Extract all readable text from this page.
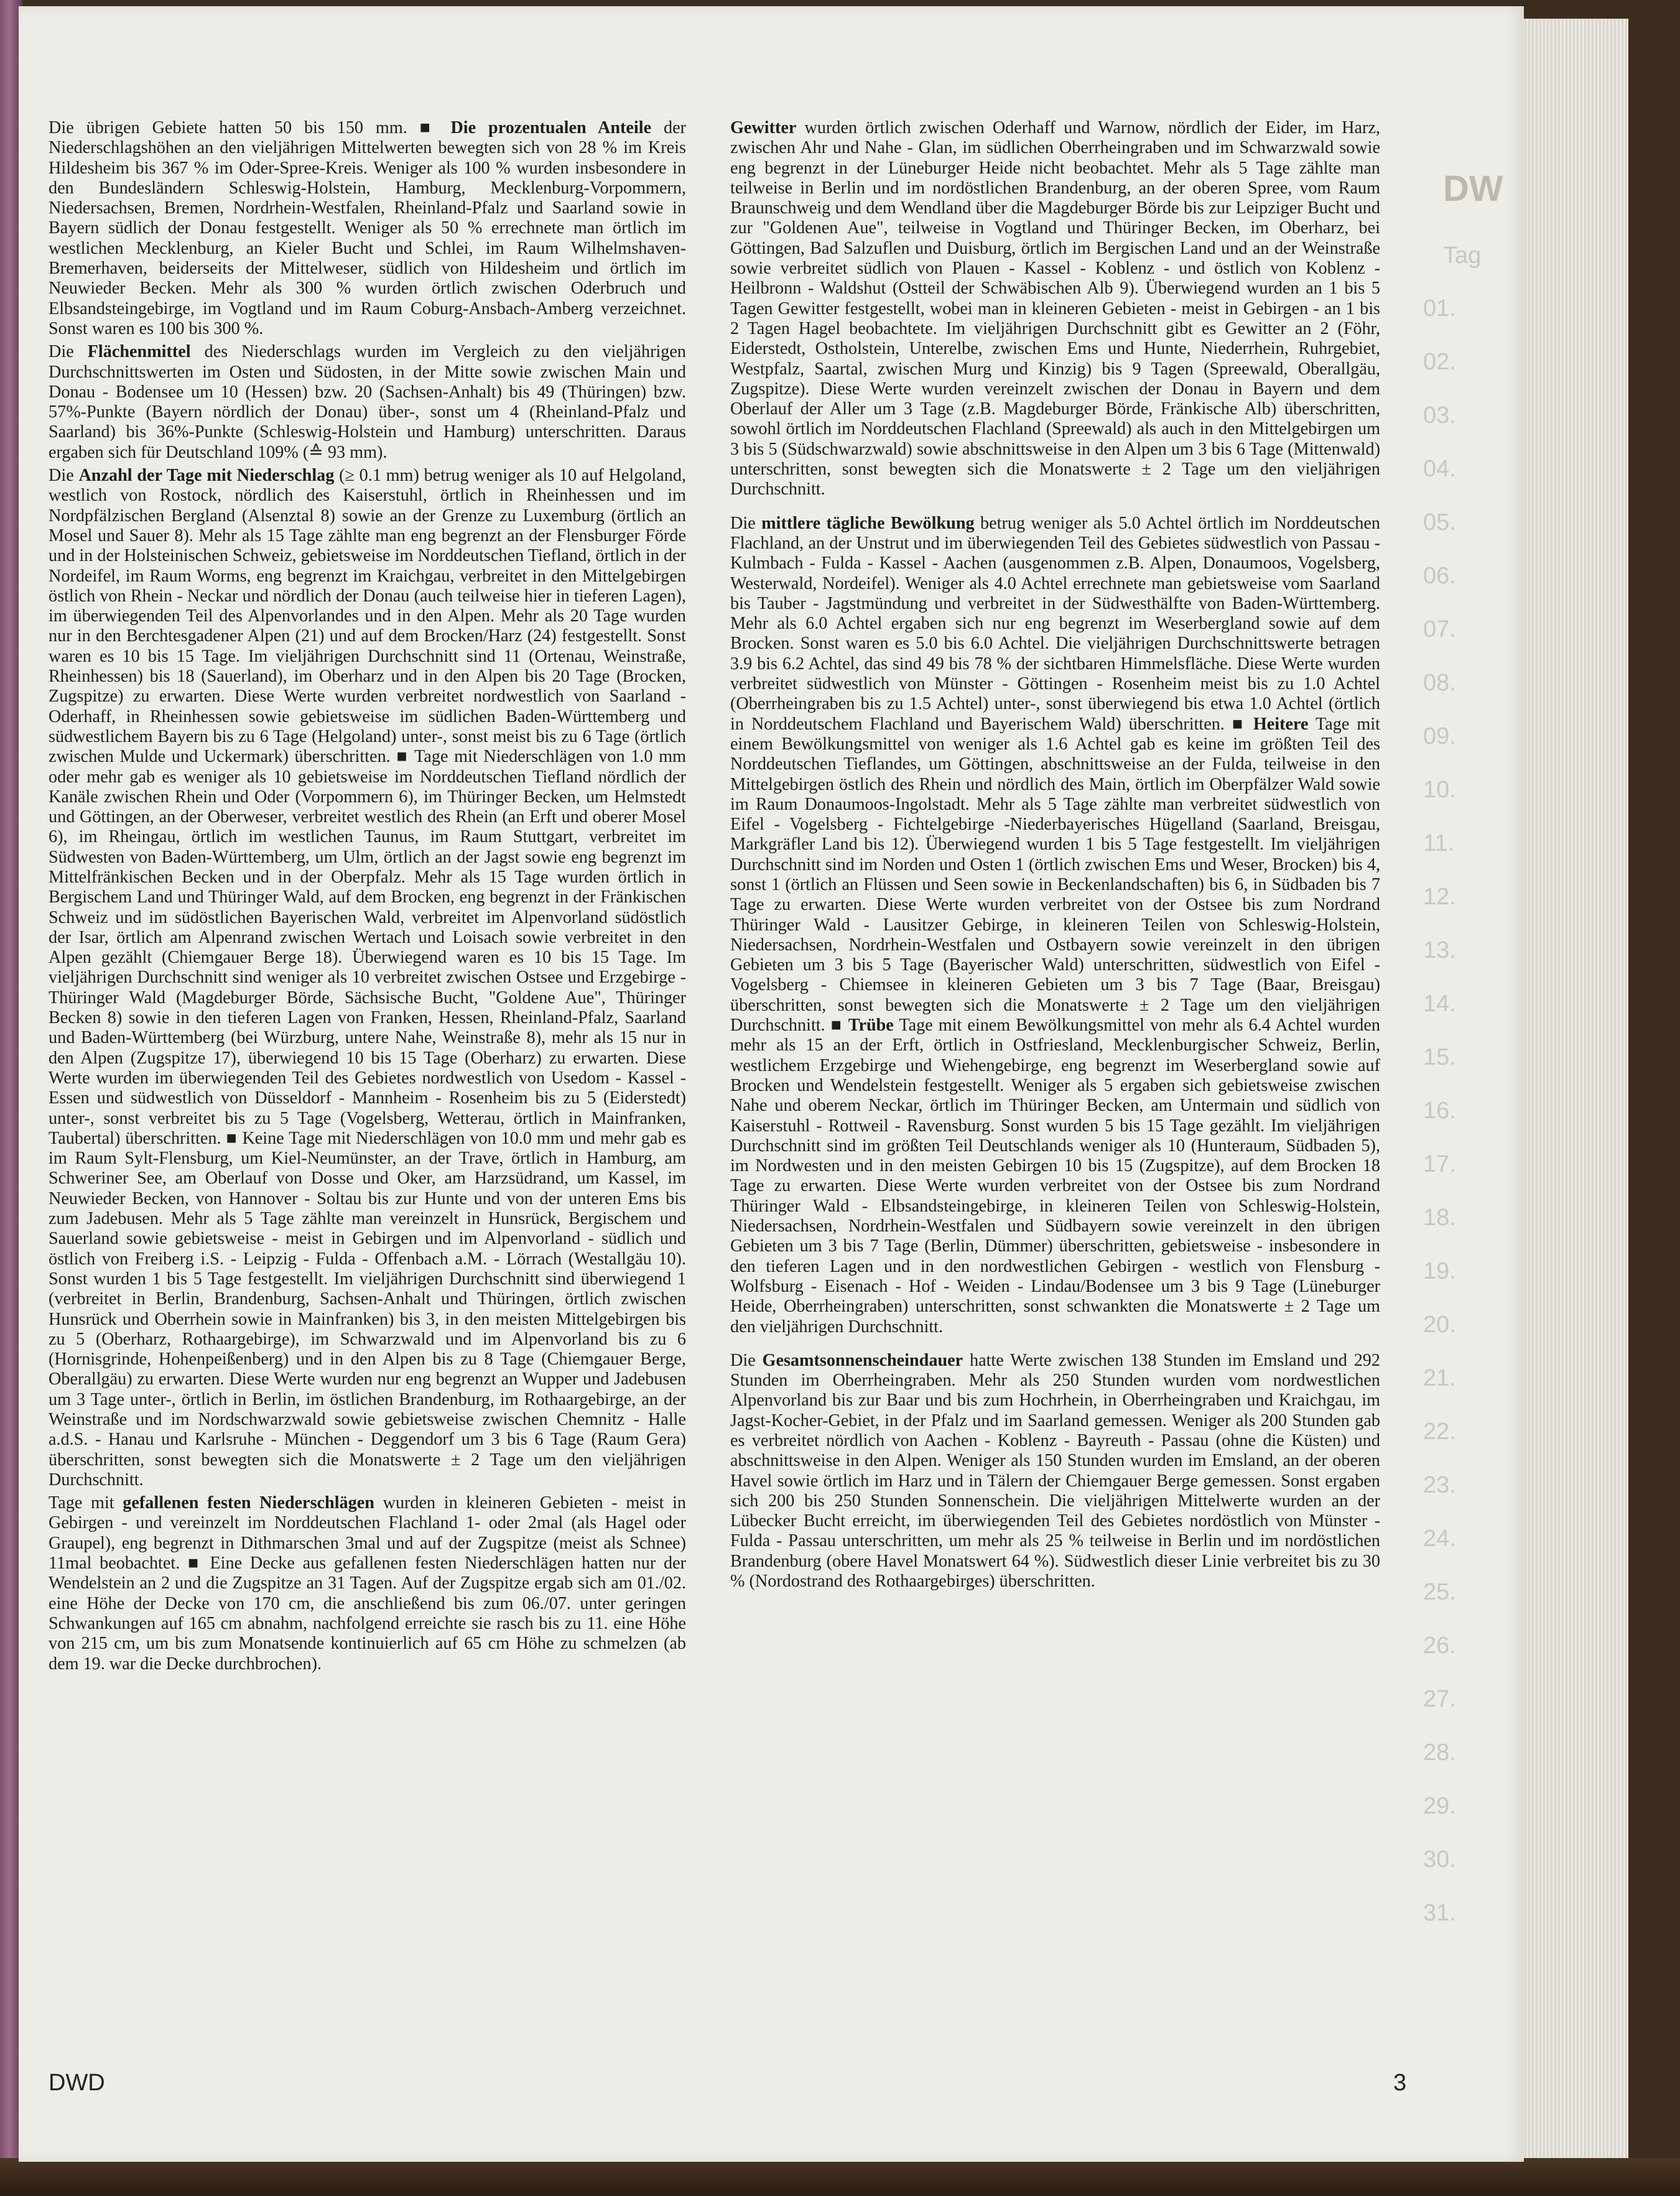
DW
Tag
01.
02.
03.
04.
05.
06.
07.
08.
09.
10.
11.
12.
13.
14.
15.
16.
17.
18.
19.
20.
21.
22.
23.
24.
25.
26.
27.
28.
29.
30.
31.

Die übrigen Gebiete hatten 50 bis 150 mm. ■ Die prozentualen Anteile der Niederschlagshöhen an den vieljährigen Mittelwerten bewegten sich von 28 % im Kreis Hildesheim bis 367 % im Oder-Spree-Kreis. Weniger als 100 % wurden insbesondere in den Bundesländern Schleswig-Holstein, Hamburg, Mecklenburg-Vorpommern, Niedersachsen, Bremen, Nordrhein-Westfalen, Rheinland-Pfalz und Saarland sowie in Bayern südlich der Donau festgestellt. Weniger als 50 % errechnete man örtlich im westlichen Mecklenburg, an Kieler Bucht und Schlei, im Raum Wilhelmshaven-Bremerhaven, beiderseits der Mittelweser, südlich von Hildesheim und örtlich im Neuwieder Becken. Mehr als 300 % wurden örtlich zwischen Oderbruch und Elbsandsteingebirge, im Vogtland und im Raum Coburg-Ansbach-Amberg verzeichnet. Sonst waren es 100 bis 300 %.

Die Flächenmittel des Niederschlags wurden im Vergleich zu den vieljährigen Durchschnittswerten im Osten und Südosten, in der Mitte sowie zwischen Main und Donau - Bodensee um 10 (Hessen) bzw. 20 (Sachsen-Anhalt) bis 49 (Thüringen) bzw. 57%-Punkte (Bayern nördlich der Donau) über-, sonst um 4 (Rheinland-Pfalz und Saarland) bis 36%-Punkte (Schleswig-Holstein und Hamburg) unterschritten. Daraus ergaben sich für Deutschland 109% (≙ 93 mm).

Die Anzahl der Tage mit Niederschlag (≥ 0.1 mm) betrug weniger als 10 auf Helgoland, westlich von Rostock, nördlich des Kaiserstuhl, örtlich in Rheinhessen und im Nordpfälzischen Bergland (Alsenztal 8) sowie an der Grenze zu Luxemburg (örtlich an Mosel und Sauer 8). Mehr als 15 Tage zählte man eng begrenzt an der Flensburger Förde und in der Holsteinischen Schweiz, gebietsweise im Norddeutschen Tiefland, örtlich in der Nordeifel, im Raum Worms, eng begrenzt im Kraichgau, verbreitet in den Mittelgebirgen östlich von Rhein - Neckar und nördlich der Donau (auch teilweise hier in tieferen Lagen), im überwiegenden Teil des Alpenvorlandes und in den Alpen. Mehr als 20 Tage wurden nur in den Berchtesgadener Alpen (21) und auf dem Brocken/Harz (24) festgestellt. Sonst waren es 10 bis 15 Tage. Im vieljährigen Durchschnitt sind 11 (Ortenau, Weinstraße, Rheinhessen) bis 18 (Sauerland), im Oberharz und in den Alpen bis 20 Tage (Brocken, Zugspitze) zu erwarten. Diese Werte wurden verbreitet nordwestlich von Saarland - Oderhaff, in Rheinhessen sowie gebietsweise im südlichen Baden-Württemberg und südwestlichem Bayern bis zu 6 Tage (Helgoland) unter-, sonst meist bis zu 6 Tage (örtlich zwischen Mulde und Uckermark) überschritten. ■ Tage mit Niederschlägen von 1.0 mm oder mehr gab es weniger als 10 gebietsweise im Norddeutschen Tiefland nördlich der Kanäle zwischen Rhein und Oder (Vorpommern 6), im Thüringer Becken, um Helmstedt und Göttingen, an der Oberweser, verbreitet westlich des Rhein (an Erft und oberer Mosel 6), im Rheingau, örtlich im westlichen Taunus, im Raum Stuttgart, verbreitet im Südwesten von Baden-Württemberg, um Ulm, örtlich an der Jagst sowie eng begrenzt im Mittelfränkischen Becken und in der Oberpfalz. Mehr als 15 Tage wurden örtlich in Bergischem Land und Thüringer Wald, auf dem Brocken, eng begrenzt in der Fränkischen Schweiz und im südöstlichen Bayerischen Wald, verbreitet im Alpenvorland südöstlich der Isar, örtlich am Alpenrand zwischen Wertach und Loisach sowie verbreitet in den Alpen gezählt (Chiemgauer Berge 18). Überwiegend waren es 10 bis 15 Tage. Im vieljährigen Durchschnitt sind weniger als 10 verbreitet zwischen Ostsee und Erzgebirge - Thüringer Wald (Magdeburger Börde, Sächsische Bucht, "Goldene Aue", Thüringer Becken 8) sowie in den tieferen Lagen von Franken, Hessen, Rheinland-Pfalz, Saarland und Baden-Württemberg (bei Würzburg, untere Nahe, Weinstraße 8), mehr als 15 nur in den Alpen (Zugspitze 17), überwiegend 10 bis 15 Tage (Oberharz) zu erwarten. Diese Werte wurden im überwiegenden Teil des Gebietes nordwestlich von Usedom - Kassel - Essen und südwestlich von Düsseldorf - Mannheim - Rosenheim bis zu 5 (Eiderstedt) unter-, sonst verbreitet bis zu 5 Tage (Vogelsberg, Wetterau, örtlich in Mainfranken, Taubertal) überschritten. ■ Keine Tage mit Niederschlägen von 10.0 mm und mehr gab es im Raum Sylt-Flensburg, um Kiel-Neumünster, an der Trave, örtlich in Hamburg, am Schweriner See, am Oberlauf von Dosse und Oker, am Harzsüdrand, um Kassel, im Neuwieder Becken, von Hannover - Soltau bis zur Hunte und von der unteren Ems bis zum Jadebusen. Mehr als 5 Tage zählte man vereinzelt in Hunsrück, Bergischem und Sauerland sowie gebietsweise - meist in Gebirgen und im Alpenvorland - südlich und östlich von Freiberg i.S. - Leipzig - Fulda - Offenbach a.M. - Lörrach (Westallgäu 10). Sonst wurden 1 bis 5 Tage festgestellt. Im vieljährigen Durchschnitt sind überwiegend 1 (verbreitet in Berlin, Brandenburg, Sachsen-Anhalt und Thüringen, örtlich zwischen Hunsrück und Oberrhein sowie in Mainfranken) bis 3, in den meisten Mittelgebirgen bis zu 5 (Oberharz, Rothaargebirge), im Schwarzwald und im Alpenvorland bis zu 6 (Hornisgrinde, Hohenpeißenberg) und in den Alpen bis zu 8 Tage (Chiemgauer Berge, Oberallgäu) zu erwarten. Diese Werte wurden nur eng begrenzt an Wupper und Jadebusen um 3 Tage unter-, örtlich in Berlin, im östlichen Brandenburg, im Rothaargebirge, an der Weinstraße und im Nordschwarzwald sowie gebietsweise zwischen Chemnitz - Halle a.d.S. - Hanau und Karlsruhe - München - Deggendorf um 3 bis 6 Tage (Raum Gera) überschritten, sonst bewegten sich die Monatswerte ± 2 Tage um den vieljährigen Durchschnitt.

Tage mit gefallenen festen Niederschlägen wurden in kleineren Gebieten - meist in Gebirgen - und vereinzelt im Norddeutschen Flachland 1- oder 2mal (als Hagel oder Graupel), eng begrenzt in Dithmarschen 3mal und auf der Zugspitze (meist als Schnee) 11mal beobachtet. ■ Eine Decke aus gefallenen festen Niederschlägen hatten nur der Wendelstein an 2 und die Zugspitze an 31 Tagen. Auf der Zugspitze ergab sich am 01./02. eine Höhe der Decke von 170 cm, die anschließend bis zum 06./07. unter geringen Schwankungen auf 165 cm abnahm, nachfolgend erreichte sie rasch bis zu 11. eine Höhe von 215 cm, um bis zum Monatsende kontinuierlich auf 65 cm Höhe zu schmelzen (ab dem 19. war die Decke durchbrochen).

Gewitter wurden örtlich zwischen Oderhaff und Warnow, nördlich der Eider, im Harz, zwischen Ahr und Nahe - Glan, im südlichen Oberrheingraben und im Schwarzwald sowie eng begrenzt in der Lüneburger Heide nicht beobachtet. Mehr als 5 Tage zählte man teilweise in Berlin und im nordöstlichen Brandenburg, an der oberen Spree, vom Raum Braunschweig und dem Wendland über die Magdeburger Börde bis zur Leipziger Bucht und zur "Goldenen Aue", teilweise in Vogtland und Thüringer Becken, im Oberharz, bei Göttingen, Bad Salzuflen und Duisburg, örtlich im Bergischen Land und an der Weinstraße sowie verbreitet südlich von Plauen - Kassel - Koblenz - und östlich von Koblenz - Heilbronn - Waldshut (Ostteil der Schwäbischen Alb 9). Überwiegend wurden an 1 bis 5 Tagen Gewitter festgestellt, wobei man in kleineren Gebieten - meist in Gebirgen - an 1 bis 2 Tagen Hagel beobachtete. Im vieljährigen Durchschnitt gibt es Gewitter an 2 (Föhr, Eiderstedt, Ostholstein, Unterelbe, zwischen Ems und Hunte, Niederrhein, Ruhrgebiet, Westpfalz, Saartal, zwischen Murg und Kinzig) bis 9 Tagen (Spreewald, Oberallgäu, Zugspitze). Diese Werte wurden vereinzelt zwischen der Donau in Bayern und dem Oberlauf der Aller um 3 Tage (z.B. Magdeburger Börde, Fränkische Alb) überschritten, sowohl örtlich im Norddeutschen Flachland (Spreewald) als auch in den Mittelgebirgen um 3 bis 5 (Südschwarzwald) sowie abschnittsweise in den Alpen um 3 bis 6 Tage (Mittenwald) unterschritten, sonst bewegten sich die Monatswerte ± 2 Tage um den vieljährigen Durchschnitt.

Die mittlere tägliche Bewölkung betrug weniger als 5.0 Achtel örtlich im Norddeutschen Flachland, an der Unstrut und im überwiegenden Teil des Gebietes südwestlich von Passau - Kulmbach - Fulda - Kassel - Aachen (ausgenommen z.B. Alpen, Donaumoos, Vogelsberg, Westerwald, Nordeifel). Weniger als 4.0 Achtel errechnete man gebietsweise vom Saarland bis Tauber - Jagstmündung und verbreitet in der Südwesthälfte von Baden-Württemberg. Mehr als 6.0 Achtel ergaben sich nur eng begrenzt im Weserbergland sowie auf dem Brocken. Sonst waren es 5.0 bis 6.0 Achtel. Die vieljährigen Durchschnittswerte betragen 3.9 bis 6.2 Achtel, das sind 49 bis 78 % der sichtbaren Himmelsfläche. Diese Werte wurden verbreitet südwestlich von Münster - Göttingen - Rosenheim meist bis zu 1.0 Achtel (Oberrheingraben bis zu 1.5 Achtel) unter-, sonst überwiegend bis etwa 1.0 Achtel (örtlich in Norddeutschem Flachland und Bayerischem Wald) überschritten. ■ Heitere Tage mit einem Bewölkungsmittel von weniger als 1.6 Achtel gab es keine im größten Teil des Norddeutschen Tieflandes, um Göttingen, abschnittsweise an der Fulda, teilweise in den Mittelgebirgen östlich des Rhein und nördlich des Main, örtlich im Oberpfälzer Wald sowie im Raum Donaumoos-Ingolstadt. Mehr als 5 Tage zählte man verbreitet südwestlich von Eifel - Vogelsberg - Fichtelgebirge -Niederbayerisches Hügelland (Saarland, Breisgau, Markgräfler Land bis 12). Überwiegend wurden 1 bis 5 Tage festgestellt. Im vieljährigen Durchschnitt sind im Norden und Osten 1 (örtlich zwischen Ems und Weser, Brocken) bis 4, sonst 1 (örtlich an Flüssen und Seen sowie in Beckenlandschaften) bis 6, in Südbaden bis 7 Tage zu erwarten. Diese Werte wurden verbreitet von der Ostsee bis zum Nordrand Thüringer Wald - Lausitzer Gebirge, in kleineren Teilen von Schleswig-Holstein, Niedersachsen, Nordrhein-Westfalen und Ostbayern sowie vereinzelt in den übrigen Gebieten um 3 bis 5 Tage (Bayerischer Wald) unterschritten, südwestlich von Eifel - Vogelsberg - Chiemsee in kleineren Gebieten um 3 bis 7 Tage (Baar, Breisgau) überschritten, sonst bewegten sich die Monatswerte ± 2 Tage um den vieljährigen Durchschnitt. ■ Trübe Tage mit einem Bewölkungsmittel von mehr als 6.4 Achtel wurden mehr als 15 an der Erft, örtlich in Ostfriesland, Mecklenburgischer Schweiz, Berlin, westlichem Erzgebirge und Wiehengebirge, eng begrenzt im Weserbergland sowie auf Brocken und Wendelstein festgestellt. Weniger als 5 ergaben sich gebietsweise zwischen Nahe und oberem Neckar, örtlich im Thüringer Becken, am Untermain und südlich von Kaiserstuhl - Rottweil - Ravensburg. Sonst wurden 5 bis 15 Tage gezählt. Im vieljährigen Durchschnitt sind im größten Teil Deutschlands weniger als 10 (Hunteraum, Südbaden 5), im Nordwesten und in den meisten Gebirgen 10 bis 15 (Zugspitze), auf dem Brocken 18 Tage zu erwarten. Diese Werte wurden verbreitet von der Ostsee bis zum Nordrand Thüringer Wald - Elbsandsteingebirge, in kleineren Teilen von Schleswig-Holstein, Niedersachsen, Nordrhein-Westfalen und Südbayern sowie vereinzelt in den übrigen Gebieten um 3 bis 7 Tage (Berlin, Dümmer) überschritten, gebietsweise - insbesondere in den tieferen Lagen und in den nordwestlichen Gebirgen - westlich von Flensburg - Wolfsburg - Eisenach - Hof - Weiden - Lindau/Bodensee um 3 bis 9 Tage (Lüneburger Heide, Oberrheingraben) unterschritten, sonst schwankten die Monatswerte ± 2 Tage um den vieljährigen Durchschnitt.

Die Gesamtsonnenscheindauer hatte Werte zwischen 138 Stunden im Emsland und 292 Stunden im Oberrheingraben. Mehr als 250 Stunden wurden vom nordwestlichen Alpenvorland bis zur Baar und bis zum Hochrhein, in Oberrheingraben und Kraichgau, im Jagst-Kocher-Gebiet, in der Pfalz und im Saarland gemessen. Weniger als 200 Stunden gab es verbreitet nördlich von Aachen - Koblenz - Bayreuth - Passau (ohne die Küsten) und abschnittsweise in den Alpen. Weniger als 150 Stunden wurden im Emsland, an der oberen Havel sowie örtlich im Harz und in Tälern der Chiemgauer Berge gemessen. Sonst ergaben sich 200 bis 250 Stunden Sonnenschein. Die vieljährigen Mittelwerte wurden an der Lübecker Bucht erreicht, im überwiegenden Teil des Gebietes nordöstlich von Münster - Fulda - Passau unterschritten, um mehr als 25 % teilweise in Berlin und im nordöstlichen Brandenburg (obere Havel Monatswert 64 %). Südwestlich dieser Linie verbreitet bis zu 30 % (Nordostrand des Rothaargebirges) überschritten.

DWD	3
